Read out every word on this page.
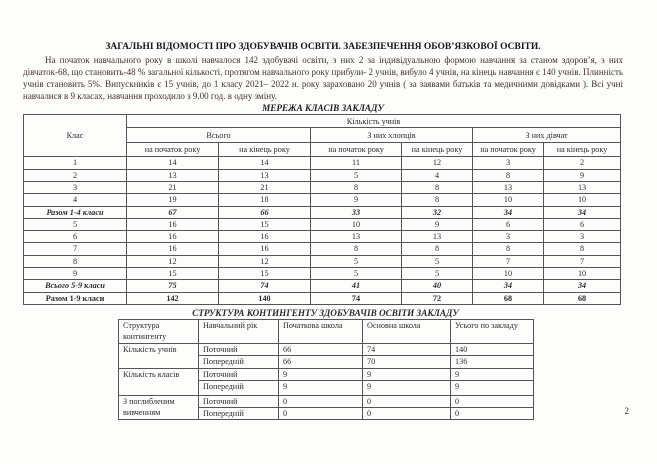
ЗАГАЛЬНІ ВІДОМОСТІ ПРО ЗДОБУВАЧІВ ОСВІТИ. ЗАБЕЗПЕЧЕННЯ ОБОВ’ЯЗКОВОЇ ОСВІТИ.

На початок навчального року в школі навчалося 142 здобувачі освіти, з них 2 за індивідуальною формою навчання за станом здоров’я, з них дівчаток-68, що становить-48 % загальної кількості, протягом навчального року прибули- 2 учнів, вибуло 4 учнів, на кінець навчання є 140 учнів. Плинність учнів становить 5%. Випускників є 15 учнів, до 1 класу 2021– 2022 н. року зараховано 20 учнів ( за заявами батьків та медичними довідками ). Всі учні навчалися в 9 класах, навчання проходило з 9.00 год. в одну зміну.

МЕРЕЖА КЛАСІВ ЗАКЛАДУ
Клас	Кількість учнів					
	Всього		З них хлопців		З них дівчат	
	на початок року	на кінець року	на початок року	на кінець року	на початок року	на кінець року
1	14	14	11	12	3	2
2	13	13	5	4	8	9
3	21	21	8	8	13	13
4	19	18	9	8	10	10
Разом 1-4 класи	67	66	33	32	34	34
5	16	15	10	9	6	6
6	16	16	13	13	3	3
7	16	16	8	8	8	8
8	12	12	5	5	7	7
9	15	15	5	5	10	10
Всього 5-9 класи	75	74	41	40	34	34
Разом 1-9 класи	142	140	74	72	68	68
СТРУКТУРА КОНТИНГЕНТУ ЗДОБУВАЧІВ ОСВІТИ ЗАКЛАДУ
Структура контингенту	Навчальний рік	Початкова школа	Основна школа	Усього по закладу
Кількість учнів	Поточний	66	74	140
	Попередній	66	70	136
Кількість класів	Поточний	9	9	9
	Попередній	9	9	9
З поглибленим вивченням	Поточний	0	0	0
	Попередній	0	0	0	2
